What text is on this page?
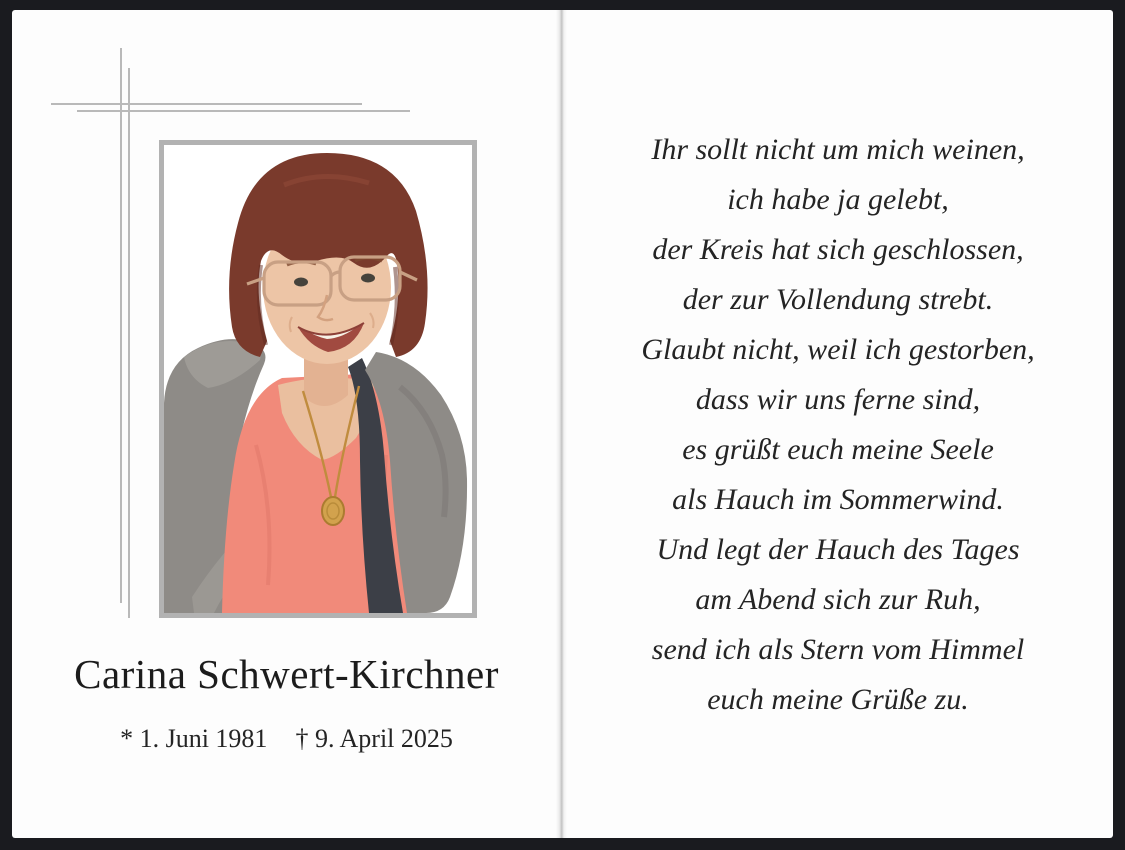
Carina Schwert-Kirchner
* 1. Juni 1981 † 9. April 2025
Ihr sollt nicht um mich weinen,
ich habe ja gelebt,
der Kreis hat sich geschlossen,
der zur Vollendung strebt.
Glaubt nicht, weil ich gestorben,
dass wir uns ferne sind,
es grüßt euch meine Seele
als Hauch im Sommerwind.
Und legt der Hauch des Tages
am Abend sich zur Ruh,
send ich als Stern vom Himmel
euch meine Grüße zu.
